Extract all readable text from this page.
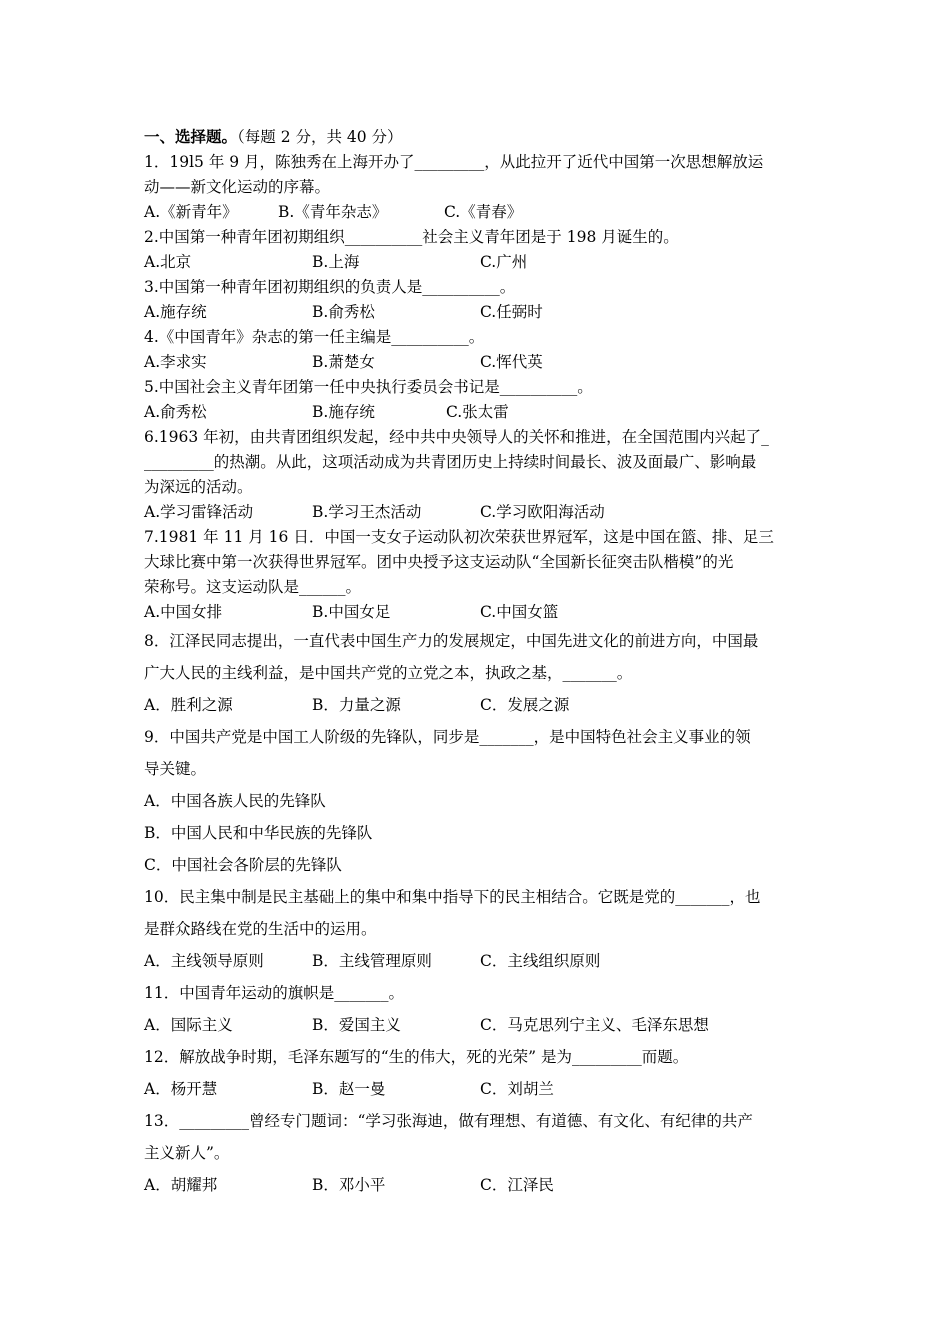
一、选择题。（每题 2 分，共 40 分）
1．19l5 年 9 月，陈独秀在上海开办了_________，从此拉开了近代中国第一次思想解放运
动——新文化运动的序幕。
A.《新青年》	B.《青年杂志》	C.《青春》
2.中国第一种青年团初期组织__________社会主义青年团是于 198 月诞生的。
A.北京	B.上海	C.广州
3.中国第一种青年团初期组织的负责人是__________。
A.施存统	B.俞秀松	C.任弼时
4.《中国青年》杂志的第一任主编是__________。
A.李求实	B.萧楚女	C.恽代英
5.中国社会主义青年团第一任中央执行委员会书记是__________。
A.俞秀松	B.施存统	C.张太雷
6.1963 年初，由共青团组织发起，经中共中央领导人的关怀和推进，在全国范围内兴起了_
_________的热潮。从此，这项活动成为共青团历史上持续时间最长、波及面最广、影响最
为深远的活动。
A.学习雷锋活动	B.学习王杰活动	C.学习欧阳海活动
7.1981 年 11 月 16 日．中国一支女子运动队初次荣获世界冠军，这是中国在篮、排、足三
大球比赛中第一次获得世界冠军。团中央授予这支运动队“全国新长征突击队楷模”的光
荣称号。这支运动队是______。
A.中国女排	B.中国女足	C.中国女篮
8．江泽民同志提出，一直代表中国生产力的发展规定，中国先进文化的前进方向，中国最
广大人民的主线利益，是中国共产党的立党之本，执政之基，_______。
A．胜利之源	B．力量之源	C．发展之源
9．中国共产党是中国工人阶级的先锋队，同步是_______，是中国特色社会主义事业的领
导关键。
A．中国各族人民的先锋队
B．中国人民和中华民族的先锋队
C．中国社会各阶层的先锋队
10．民主集中制是民主基础上的集中和集中指导下的民主相结合。它既是党的_______，也
是群众路线在党的生活中的运用。
A．主线领导原则	B．主线管理原则	C．主线组织原则
11．中国青年运动的旗帜是_______。
A．国际主义	B．爱国主义	C．马克思列宁主义、毛泽东思想
12．解放战争时期，毛泽东题写的“生的伟大，死的光荣” 是为_________而题。
A．杨开慧	B．赵一曼	C．刘胡兰
13．_________曾经专门题词：“学习张海迪，做有理想、有道德、有文化、有纪律的共产
主义新人”。
A．胡耀邦	B．邓小平	C．江泽民
